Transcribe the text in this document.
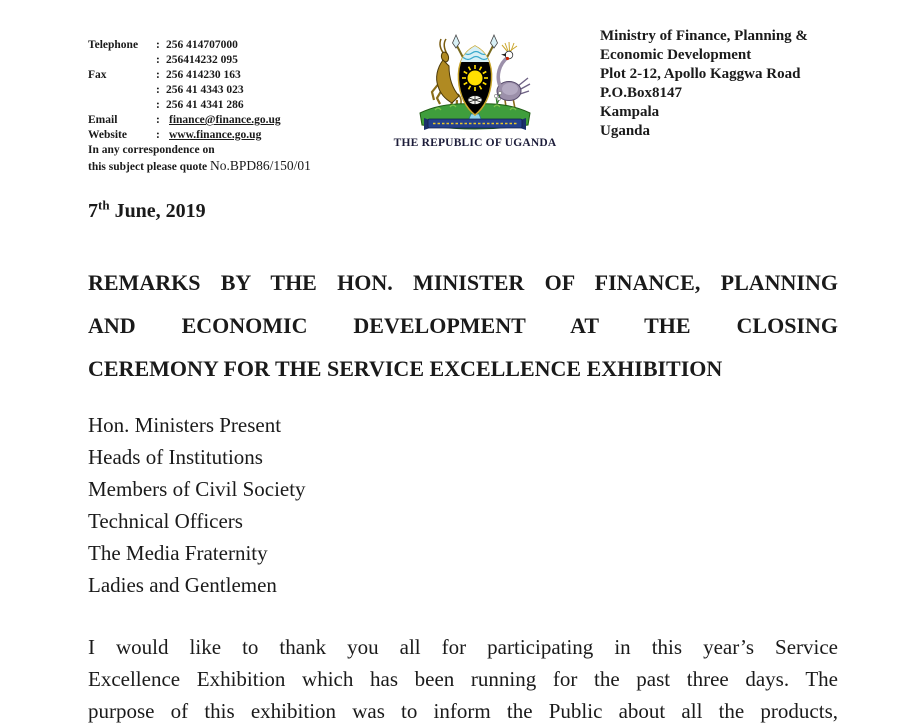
Telephone	: 256 414707000
: 256414232 095
Fax	: 256 414230 163
: 256 41 4343 023
: 256 41 4341 286
Email	: finance@finance.go.ug
Website	: www.finance.go.ug
In any correspondence on
this subject please quote No.BPD86/150/01
THE REPUBLIC OF UGANDA
Ministry of Finance, Planning &
Economic Development
Plot 2-12, Apollo Kaggwa Road
P.O.Box8147
Kampala
Uganda
7th June, 2019
REMARKS BY THE HON. MINISTER OF FINANCE, PLANNING
AND ECONOMIC DEVELOPMENT AT THE CLOSING
CEREMONY FOR THE SERVICE EXCELLENCE EXHIBITION
Hon. Ministers Present
Heads of Institutions
Members of Civil Society
Technical Officers
The Media Fraternity
Ladies and Gentlemen
I would like to thank you all for participating in this year’s Service
Excellence Exhibition which has been running for the past three days. The
purpose of this exhibition was to inform the Public about all the products,
